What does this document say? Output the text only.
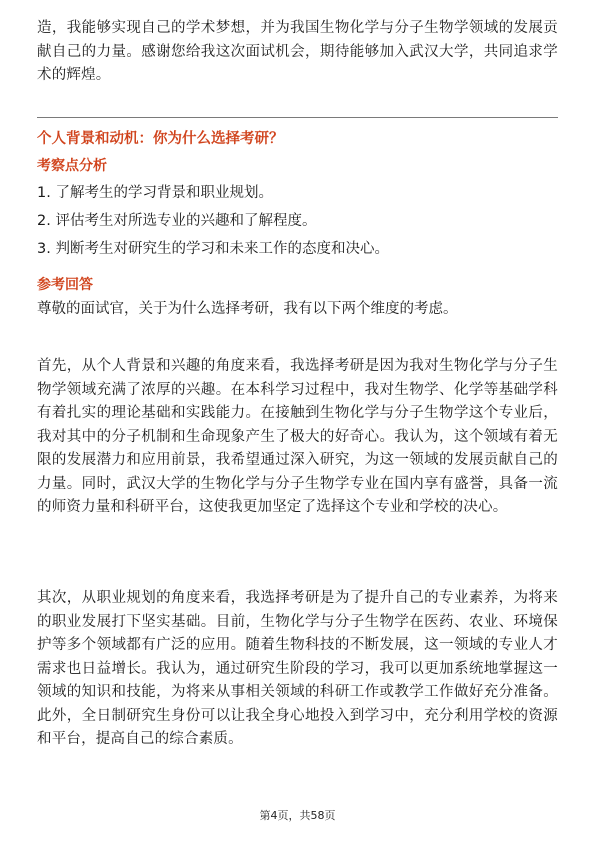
造，我能够实现自己的学术梦想，并为我国生物化学与分子生物学领域的发展贡献自己的力量。感谢您给我这次面试机会，期待能够加入武汉大学，共同追求学术的辉煌。

个人背景和动机：你为什么选择考研？

考察点分析

1. 了解考生的学习背景和职业规划。

2. 评估考生对所选专业的兴趣和了解程度。

3. 判断考生对研究生的学习和未来工作的态度和决心。

参考回答

尊敬的面试官，关于为什么选择考研，我有以下两个维度的考虑。

首先，从个人背景和兴趣的角度来看，我选择考研是因为我对生物化学与分子生物学领域充满了浓厚的兴趣。在本科学习过程中，我对生物学、化学等基础学科有着扎实的理论基础和实践能力。在接触到生物化学与分子生物学这个专业后，我对其中的分子机制和生命现象产生了极大的好奇心。我认为，这个领域有着无限的发展潜力和应用前景，我希望通过深入研究，为这一领域的发展贡献自己的力量。同时，武汉大学的生物化学与分子生物学专业在国内享有盛誉，具备一流的师资力量和科研平台，这使我更加坚定了选择这个专业和学校的决心。

其次，从职业规划的角度来看，我选择考研是为了提升自己的专业素养，为将来的职业发展打下坚实基础。目前，生物化学与分子生物学在医药、农业、环境保护等多个领域都有广泛的应用。随着生物科技的不断发展，这一领域的专业人才需求也日益增长。我认为，通过研究生阶段的学习，我可以更加系统地掌握这一领域的知识和技能，为将来从事相关领域的科研工作或教学工作做好充分准备。此外，全日制研究生身份可以让我全身心地投入到学习中，充分利用学校的资源和平台，提高自己的综合素质。

第4页，共58页
